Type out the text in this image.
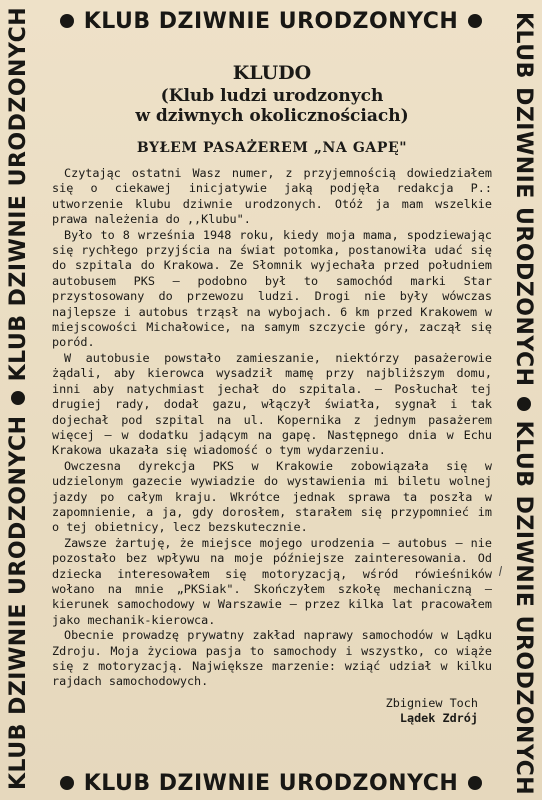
KLUB DZIWNIE URODZONYCH
KLUB DZIWNIE URODZONYCH
KLUB DZIWNIE URODZONYCH	KLUB DZIWNIE URODZONYCH
KLUB DZIWNIE URODZONYCH
KLUB DZIWNIE URODZONYCH
KLUDO
(Klub ludzi urodzonych
w dziwnych okolicznościach)
BYŁEM PASAŻEREM „NA GAPĘ"

Czytając ostatni Wasz numer, z przyjemnością dowiedziałem się o ciekawej inicjatywie jaką podjęła redakcja P.: utworzenie klubu dziwnie urodzonych. Otóż ja mam wszelkie prawa należenia do ,,Klubu".

Było to 8 września 1948 roku, kiedy moja mama, spodziewając się rychłego przyjścia na świat potomka, postanowiła udać się do szpitala do Krakowa. Ze Słomnik wyjechała przed południem autobusem PKS — podobno był to samochód marki Star przystosowany do przewozu ludzi. Drogi nie były wówczas najlepsze i autobus trząsł na wybojach. 6 km przed Krakowem w miejscowości Michałowice, na samym szczycie góry, zaczął się poród.

W autobusie powstało zamieszanie, niektórzy pasażerowie żądali, aby kierowca wysadził mamę przy najbliższym domu, inni aby natychmiast jechał do szpitala. — Posłuchał tej drugiej rady, dodał gazu, włączył światła, sygnał i tak dojechał pod szpital na ul. Kopernika z jednym pasażerem więcej — w dodatku jadącym na gapę. Następnego dnia w Echu Krakowa ukazała się wiadomość o tym wydarzeniu.

Owczesna dyrekcja PKS w Krakowie zobowiązała się w udzielonym gazecie wywiadzie do wystawienia mi biletu wolnej jazdy po całym kraju. Wkrótce jednak sprawa ta poszła w zapomnienie, a ja, gdy dorosłem, starałem się przypomnieć im o tej obietnicy, lecz bezskutecznie.

Zawsze żartuję, że miejsce mojego urodzenia — autobus — nie pozostało bez wpływu na moje późniejsze zainteresowania. Od dziecka interesowałem się motoryzacją, wśród rówieśników wołano na mnie „PKSiak". Skończyłem szkołę mechaniczną — kierunek samochodowy w Warszawie — przez kilka lat pracowałem jako mechanik-kierowca.

Obecnie prowadzę prywatny zakład naprawy samochodów w Lądku Zdroju. Moja życiowa pasja to samochody i wszystko, co wiąże się z motoryzacją. Największe marzenie: wziąć udział w kilku rajdach samochodowych.

Zbigniew Toch
Lądek Zdrój
